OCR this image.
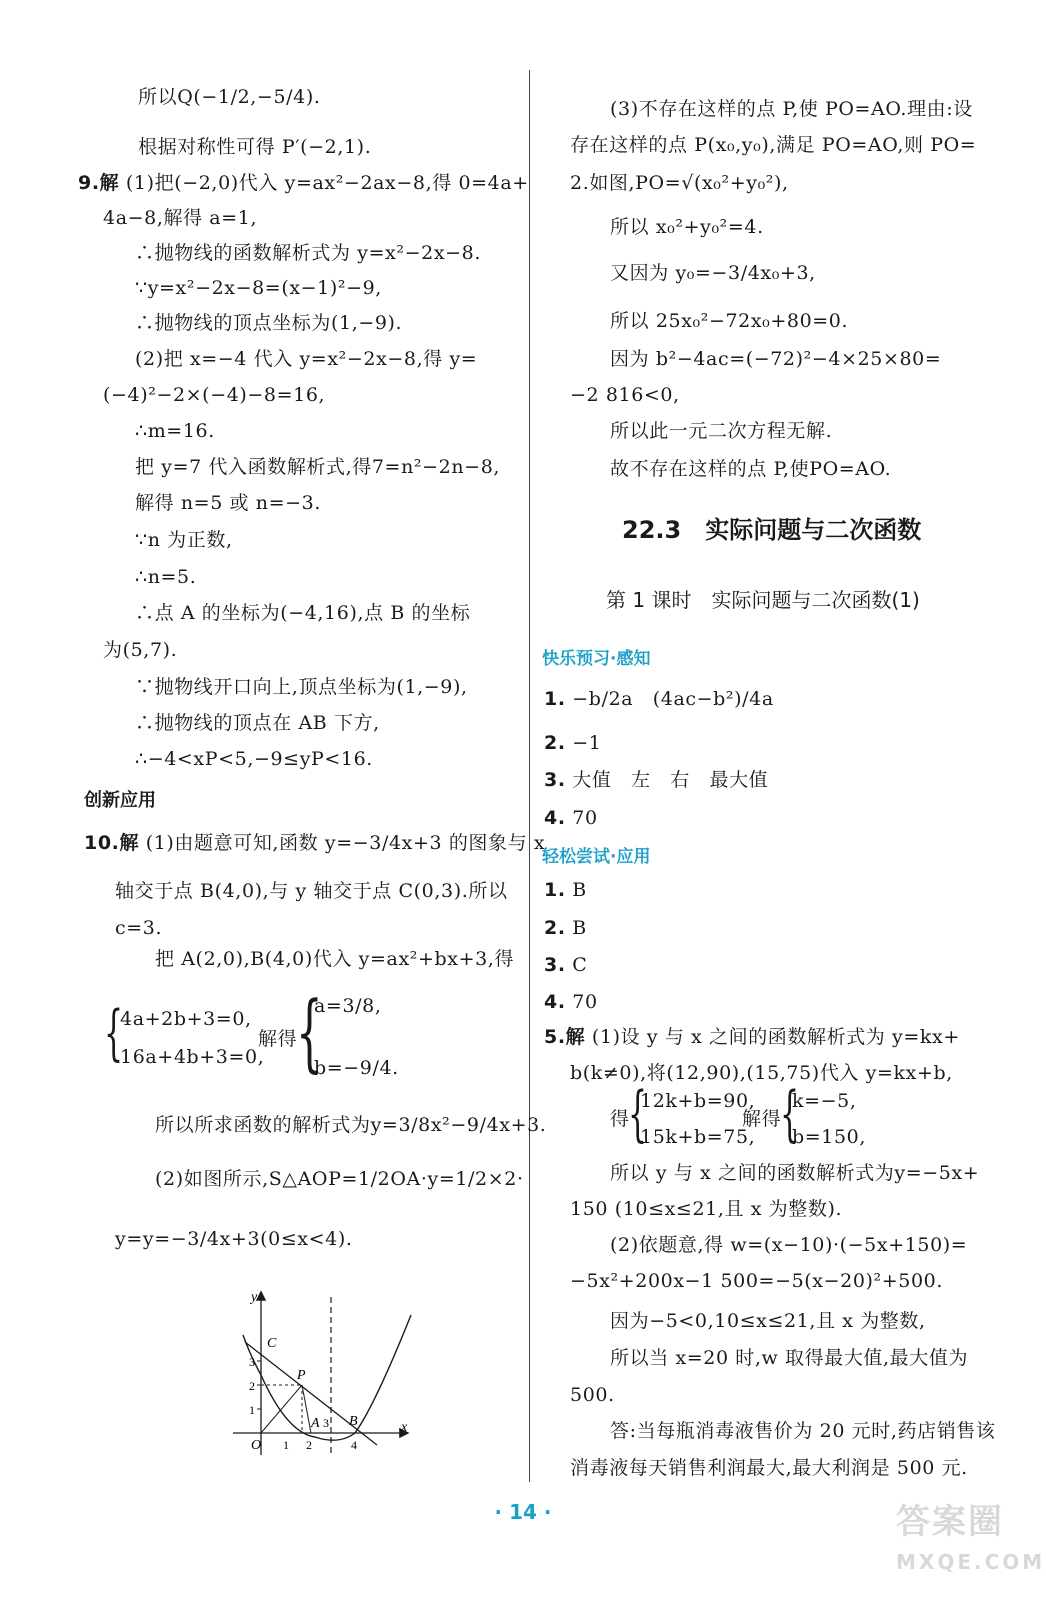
所以Q(−1/2,−5/4).
根据对称性可得 P′(−2,1).
9.解 (1)把(−2,0)代入 y=ax²−2ax−8,得 0=4a+
4a−8,解得 a=1,
∴抛物线的函数解析式为 y=x²−2x−8.
∵y=x²−2x−8=(x−1)²−9,
∴抛物线的顶点坐标为(1,−9).
(2)把 x=−4 代入 y=x²−2x−8,得 y=
(−4)²−2×(−4)−8=16,
∴m=16.
把 y=7 代入函数解析式,得7=n²−2n−8,
解得 n=5 或 n=−3.
∵n 为正数,
∴n=5.
∴点 A 的坐标为(−4,16),点 B 的坐标
为(5,7).
∵抛物线开口向上,顶点坐标为(1,−9),
∴抛物线的顶点在 AB 下方,
∴−4<xP<5,−9≤yP<16.
创新应用
10.解 (1)由题意可知,函数 y=−3/4x+3 的图象与 x
轴交于点 B(4,0),与 y 轴交于点 C(0,3).所以
c=3.
把 A(2,0),B(4,0)代入 y=ax²+bx+3,得
{
4a+2b+3=0,
16a+4b+3=0,
解得
{
a=3/8,
b=−9/4.
所以所求函数的解析式为y=3/8x²−9/4x+3.
(2)如图所示,S△AOP=1/2OA·y=1/2×2·
y=y=−3/4x+3(0≤x<4).
y
x
O
C
P
A B
1
2
3
1 2
3
4
(3)不存在这样的点 P,使 PO=AO.理由:设
存在这样的点 P(x₀,y₀),满足 PO=AO,则 PO=
2.如图,PO=√(x₀²+y₀²),
所以 x₀²+y₀²=4.
又因为 y₀=−3/4x₀+3,
所以 25x₀²−72x₀+80=0.
因为 b²−4ac=(−72)²−4×25×80=
−2 816<0,
所以此一元二次方程无解.
故不存在这样的点 P,使PO=AO.
22.3　实际问题与二次函数
第 1 课时　实际问题与二次函数(1)
快乐预习·感知
1. −b/2a　(4ac−b²)/4a
2. −1
3. 大值　左　右　最大值
4. 70
轻松尝试·应用
1. B
2. B
3. C
4. 70
5.解 (1)设 y 与 x 之间的函数解析式为 y=kx+
b(k≠0),将(12,90),(15,75)代入 y=kx+b,
得
{
12k+b=90,
15k+b=75,
解得
{
k=−5,
b=150,
所以 y 与 x 之间的函数解析式为y=−5x+
150 (10≤x≤21,且 x 为整数).
(2)依题意,得 w=(x−10)·(−5x+150)=
−5x²+200x−1 500=−5(x−20)²+500.
因为−5<0,10≤x≤21,且 x 为整数,
所以当 x=20 时,w 取得最大值,最大值为
500.
答:当每瓶消毒液售价为 20 元时,药店销售该
消毒液每天销售利润最大,最大利润是 500 元.
· 14 ·	答案圈
MXQE.COM
